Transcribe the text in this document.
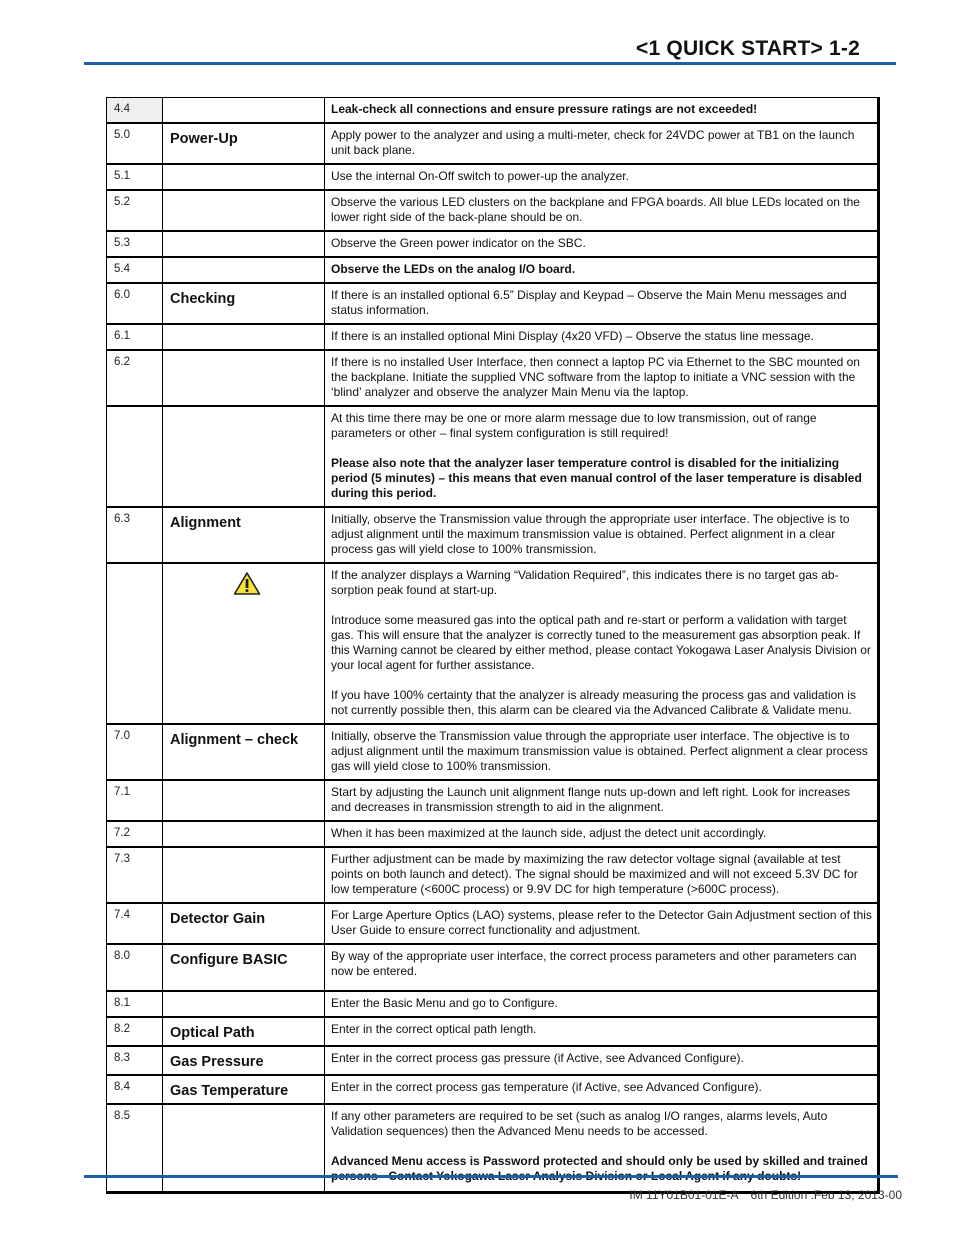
<1 QUICK START> 1-2
4.4		Leak-check all connections and ensure pressure ratings are not exceeded!

5.0	Power-Up	Apply power to the analyzer and using a multi-meter, check for 24VDC power at TB1 on the launch unit back plane.

5.1		Use the internal On-Off switch to power-up the analyzer.

5.2		Observe the various LED clusters on the backplane and FPGA boards. All blue LEDs located on the lower right side of the back-plane should be on.

5.3		Observe the Green power indicator on the SBC.

5.4		Observe the LEDs on the analog I/O board.

6.0	Checking	If there is an installed optional 6.5” Display and Keypad – Observe the Main Menu messages and status information.

6.1		If there is an installed optional Mini Display (4x20 VFD) – Observe the status line message.

6.2		If there is no installed User Interface, then connect a laptop PC via Ethernet to the SBC mounted on the backplane. Initiate the supplied VNC software from the laptop to initiate a VNC session with the ‘blind’ analyzer and observe the analyzer Main Menu via the laptop.

		At this time there may be one or more alarm message due to low transmission, out of range parameters or other – final system configuration is still required!

Please also note that the analyzer laser temperature control is disabled for the initializing period (5 minutes) – this means that even manual control of the laser temperature is disabled during this period.

6.3	Alignment	Initially, observe the Transmission value through the appropriate user interface. The objective is to adjust alignment until the maximum transmission value is obtained. Perfect alignment in a clear process gas will yield close to 100% transmission.

If the analyzer displays a Warning “Validation Required”, this indicates there is no target gas ab-sorption peak found at start-up.

Introduce some measured gas into the optical path and re-start or perform a validation with target gas. This will ensure that the analyzer is correctly tuned to the measurement gas absorption peak. If this Warning cannot be cleared by either method, please contact Yokogawa Laser Analysis Division or your local agent for further assistance.

If you have 100% certainty that the analyzer is already measuring the process gas and validation is not currently possible then, this alarm can be cleared via the Advanced Calibrate & Validate menu.

7.0	Alignment – check	Initially, observe the Transmission value through the appropriate user interface. The objective is to adjust alignment until the maximum transmission value is obtained. Perfect alignment a clear process gas will yield close to 100% transmission.

7.1		Start by adjusting the Launch unit alignment flange nuts up-down and left right. Look for increases and decreases in transmission strength to aid in the alignment.

7.2		When it has been maximized at the launch side, adjust the detect unit accordingly.

7.3		Further adjustment can be made by maximizing the raw detector voltage signal (available at test points on both launch and detect). The signal should be maximized and will not exceed 5.3V DC for low temperature (<600C process) or 9.9V DC for high temperature (>600C process).

7.4	Detector Gain	For Large Aperture Optics (LAO) systems, please refer to the Detector Gain Adjustment section of this User Guide to ensure correct functionality and adjustment.

8.0	Configure BASIC	By way of the appropriate user interface, the correct process parameters and other parameters can now be entered.

8.1		Enter the Basic Menu and go to Configure.

8.2	Optical Path	Enter in the correct optical path length.

8.3	Gas Pressure	Enter in the correct process gas pressure (if Active, see Advanced Configure).

8.4	Gas Temperature	Enter in the correct process gas temperature (if Active, see Advanced Configure).

8.5		If any other parameters are required to be set (such as analog I/O ranges, alarms levels, Auto Validation sequences) then the Advanced Menu needs to be accessed.

Advanced Menu access is Password protected and should only be used by skilled and trained

IM 11Y01B01-01E-A 6th Edition :Feb 13, 2013-00
